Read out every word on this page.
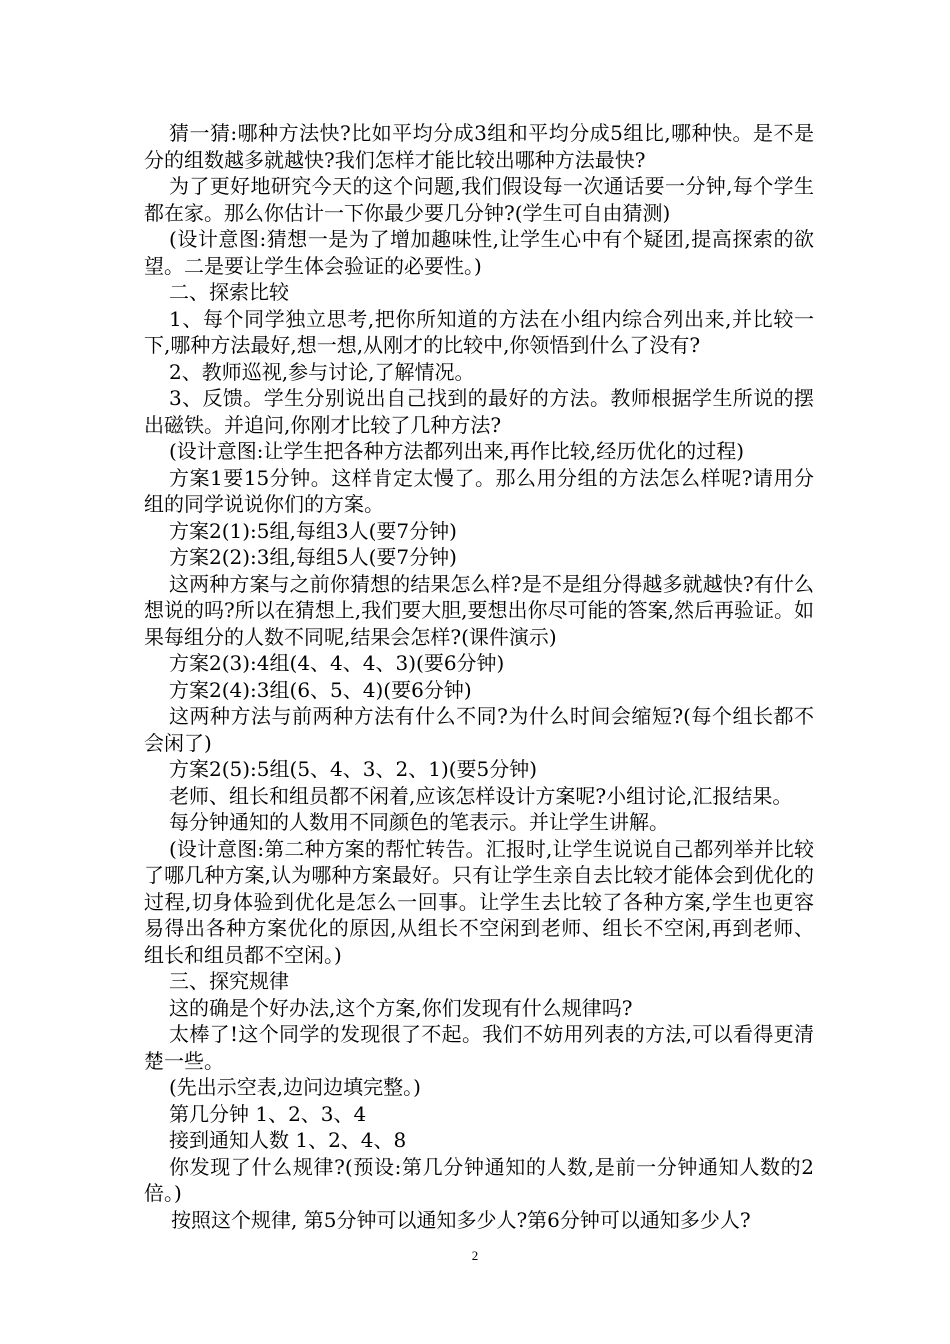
猜一猜:哪种方法快?比如平均分成3组和平均分成5组比,哪种快。是不是分的组数越多就越快?我们怎样才能比较出哪种方法最快?

为了更好地研究今天的这个问题,我们假设每一次通话要一分钟,每个学生都在家。那么你估计一下你最少要几分钟?(学生可自由猜测)

(设计意图:猜想一是为了增加趣味性,让学生心中有个疑团,提高探索的欲望。二是要让学生体会验证的必要性。)

二、探索比较

1、每个同学独立思考,把你所知道的方法在小组内综合列出来,并比较一下,哪种方法最好,想一想,从刚才的比较中,你领悟到什么了没有?

2、教师巡视,参与讨论,了解情况。

3、反馈。学生分别说出自己找到的最好的方法。教师根据学生所说的摆出磁铁。并追问,你刚才比较了几种方法?

(设计意图:让学生把各种方法都列出来,再作比较,经历优化的过程)

方案1要15分钟。这样肯定太慢了。那么用分组的方法怎么样呢?请用分组的同学说说你们的方案。

方案2(1):5组,每组3人(要7分钟)

方案2(2):3组,每组5人(要7分钟)

这两种方案与之前你猜想的结果怎么样?是不是组分得越多就越快?有什么想说的吗?所以在猜想上,我们要大胆,要想出你尽可能的答案,然后再验证。如果每组分的人数不同呢,结果会怎样?(课件演示)

方案2(3):4组(4、4、4、3)(要6分钟)

方案2(4):3组(6、5、4)(要6分钟)

这两种方法与前两种方法有什么不同?为什么时间会缩短?(每个组长都不会闲了)

方案2(5):5组(5、4、3、2、1)(要5分钟)

老师、组长和组员都不闲着,应该怎样设计方案呢?小组讨论,汇报结果。

每分钟通知的人数用不同颜色的笔表示。并让学生讲解。

(设计意图:第二种方案的帮忙转告。汇报时,让学生说说自己都列举并比较了哪几种方案,认为哪种方案最好。只有让学生亲自去比较才能体会到优化的过程,切身体验到优化是怎么一回事。让学生去比较了各种方案,学生也更容易得出各种方案优化的原因,从组长不空闲到老师、组长不空闲,再到老师、组长和组员都不空闲。)

三、探究规律

这的确是个好办法,这个方案,你们发现有什么规律吗?

太棒了!这个同学的发现很了不起。我们不妨用列表的方法,可以看得更清楚一些。

(先出示空表,边问边填完整。)

第几分钟 1、2、3、4

接到通知人数 1、2、4、8

你发现了什么规律?(预设:第几分钟通知的人数,是前一分钟通知人数的2倍。)

按照这个规律, 第5分钟可以通知多少人?第6分钟可以通知多少人?

2
